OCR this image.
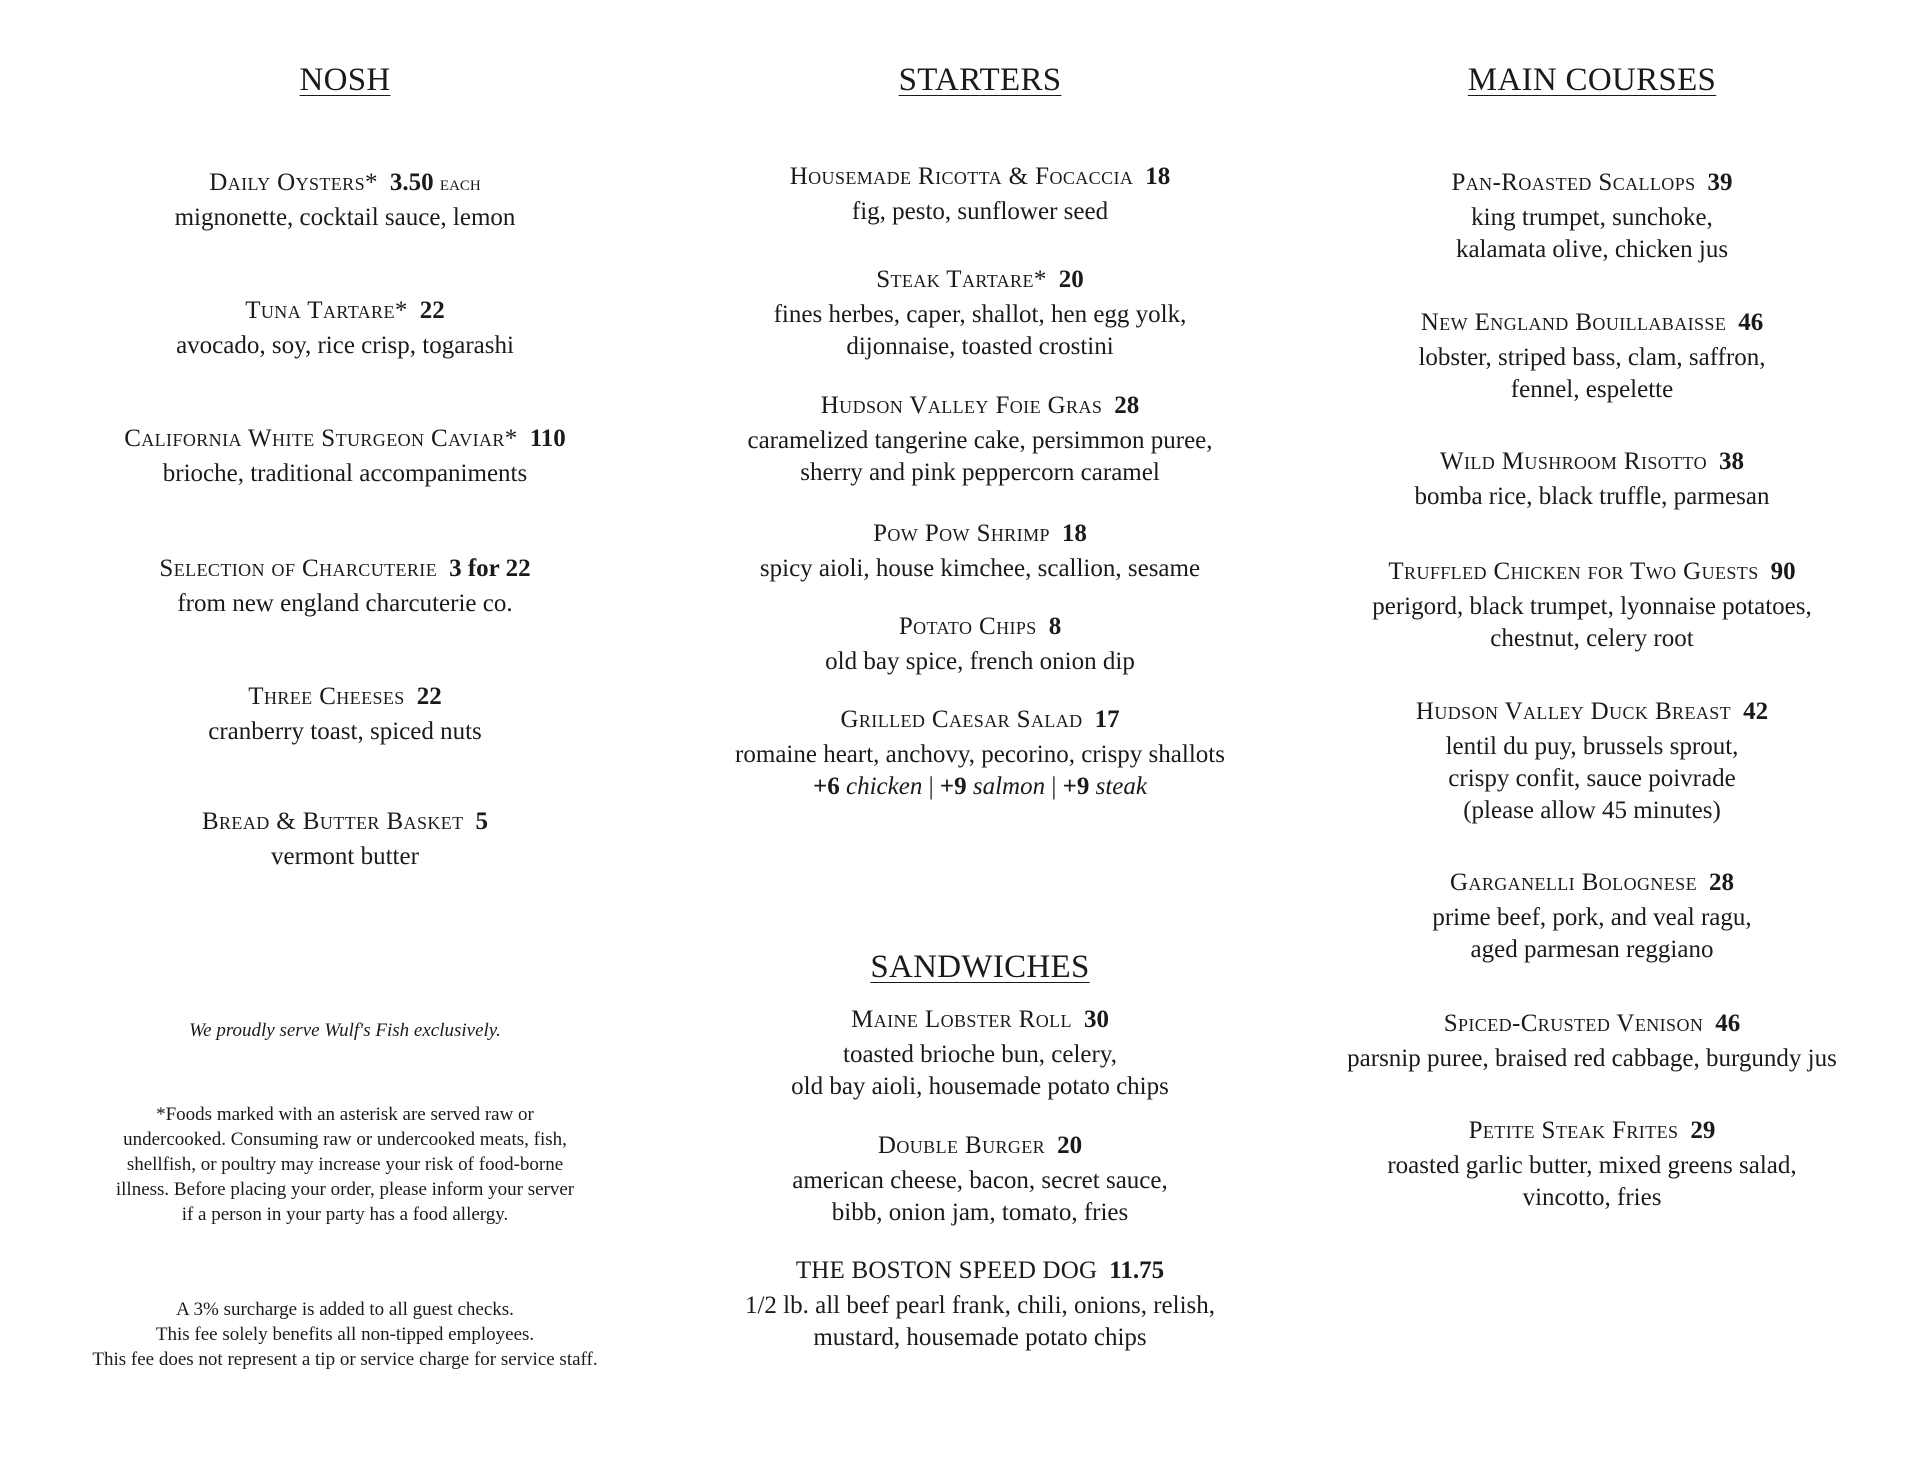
NOSH
Daily Oysters* 3.50 each
mignonette, cocktail sauce, lemon
Tuna Tartare* 22
avocado, soy, rice crisp, togarashi
California White Sturgeon Caviar* 110
brioche, traditional accompaniments
Selection of Charcuterie 3 for 22
from new england charcuterie co.
Three Cheeses 22
cranberry toast, spiced nuts
Bread & Butter Basket 5
vermont butter
We proudly serve Wulf's Fish exclusively.
*Foods marked with an asterisk are served raw or
undercooked. Consuming raw or undercooked meats, fish,
shellfish, or poultry may increase your risk of food-borne
illness. Before placing your order, please inform your server
if a person in your party has a food allergy.
A 3% surcharge is added to all guest checks.
This fee solely benefits all non-tipped employees.
This fee does not represent a tip or service charge for service staff.
STARTERS
Housemade Ricotta & Focaccia 18
fig, pesto, sunflower seed
Steak Tartare* 20
fines herbes, caper, shallot, hen egg yolk,
dijonnaise, toasted crostini
Hudson Valley Foie Gras 28
caramelized tangerine cake, persimmon puree,
sherry and pink peppercorn caramel
Pow Pow Shrimp 18
spicy aioli, house kimchee, scallion, sesame
Potato Chips 8
old bay spice, french onion dip
Grilled Caesar Salad 17
romaine heart, anchovy, pecorino, crispy shallots
+6 chicken | +9 salmon | +9 steak
SANDWICHES
Maine Lobster Roll 30
toasted brioche bun, celery,
old bay aioli, housemade potato chips
Double Burger 20
american cheese, bacon, secret sauce,
bibb, onion jam, tomato, fries
THE BOSTON SPEED DOG 11.75
1/2 lb. all beef pearl frank, chili, onions, relish,
mustard, housemade potato chips
MAIN COURSES
Pan-Roasted Scallops 39
king trumpet, sunchoke,
kalamata olive, chicken jus
New England Bouillabaisse 46
lobster, striped bass, clam, saffron,
fennel, espelette
Wild Mushroom Risotto 38
bomba rice, black truffle, parmesan
Truffled Chicken for Two Guests 90
perigord, black trumpet, lyonnaise potatoes,
chestnut, celery root
Hudson Valley Duck Breast 42
lentil du puy, brussels sprout,
crispy confit, sauce poivrade
(please allow 45 minutes)
Garganelli Bolognese 28
prime beef, pork, and veal ragu,
aged parmesan reggiano
Spiced-Crusted Venison 46
parsnip puree, braised red cabbage, burgundy jus
Petite Steak Frites 29
roasted garlic butter, mixed greens salad,
vincotto, fries
